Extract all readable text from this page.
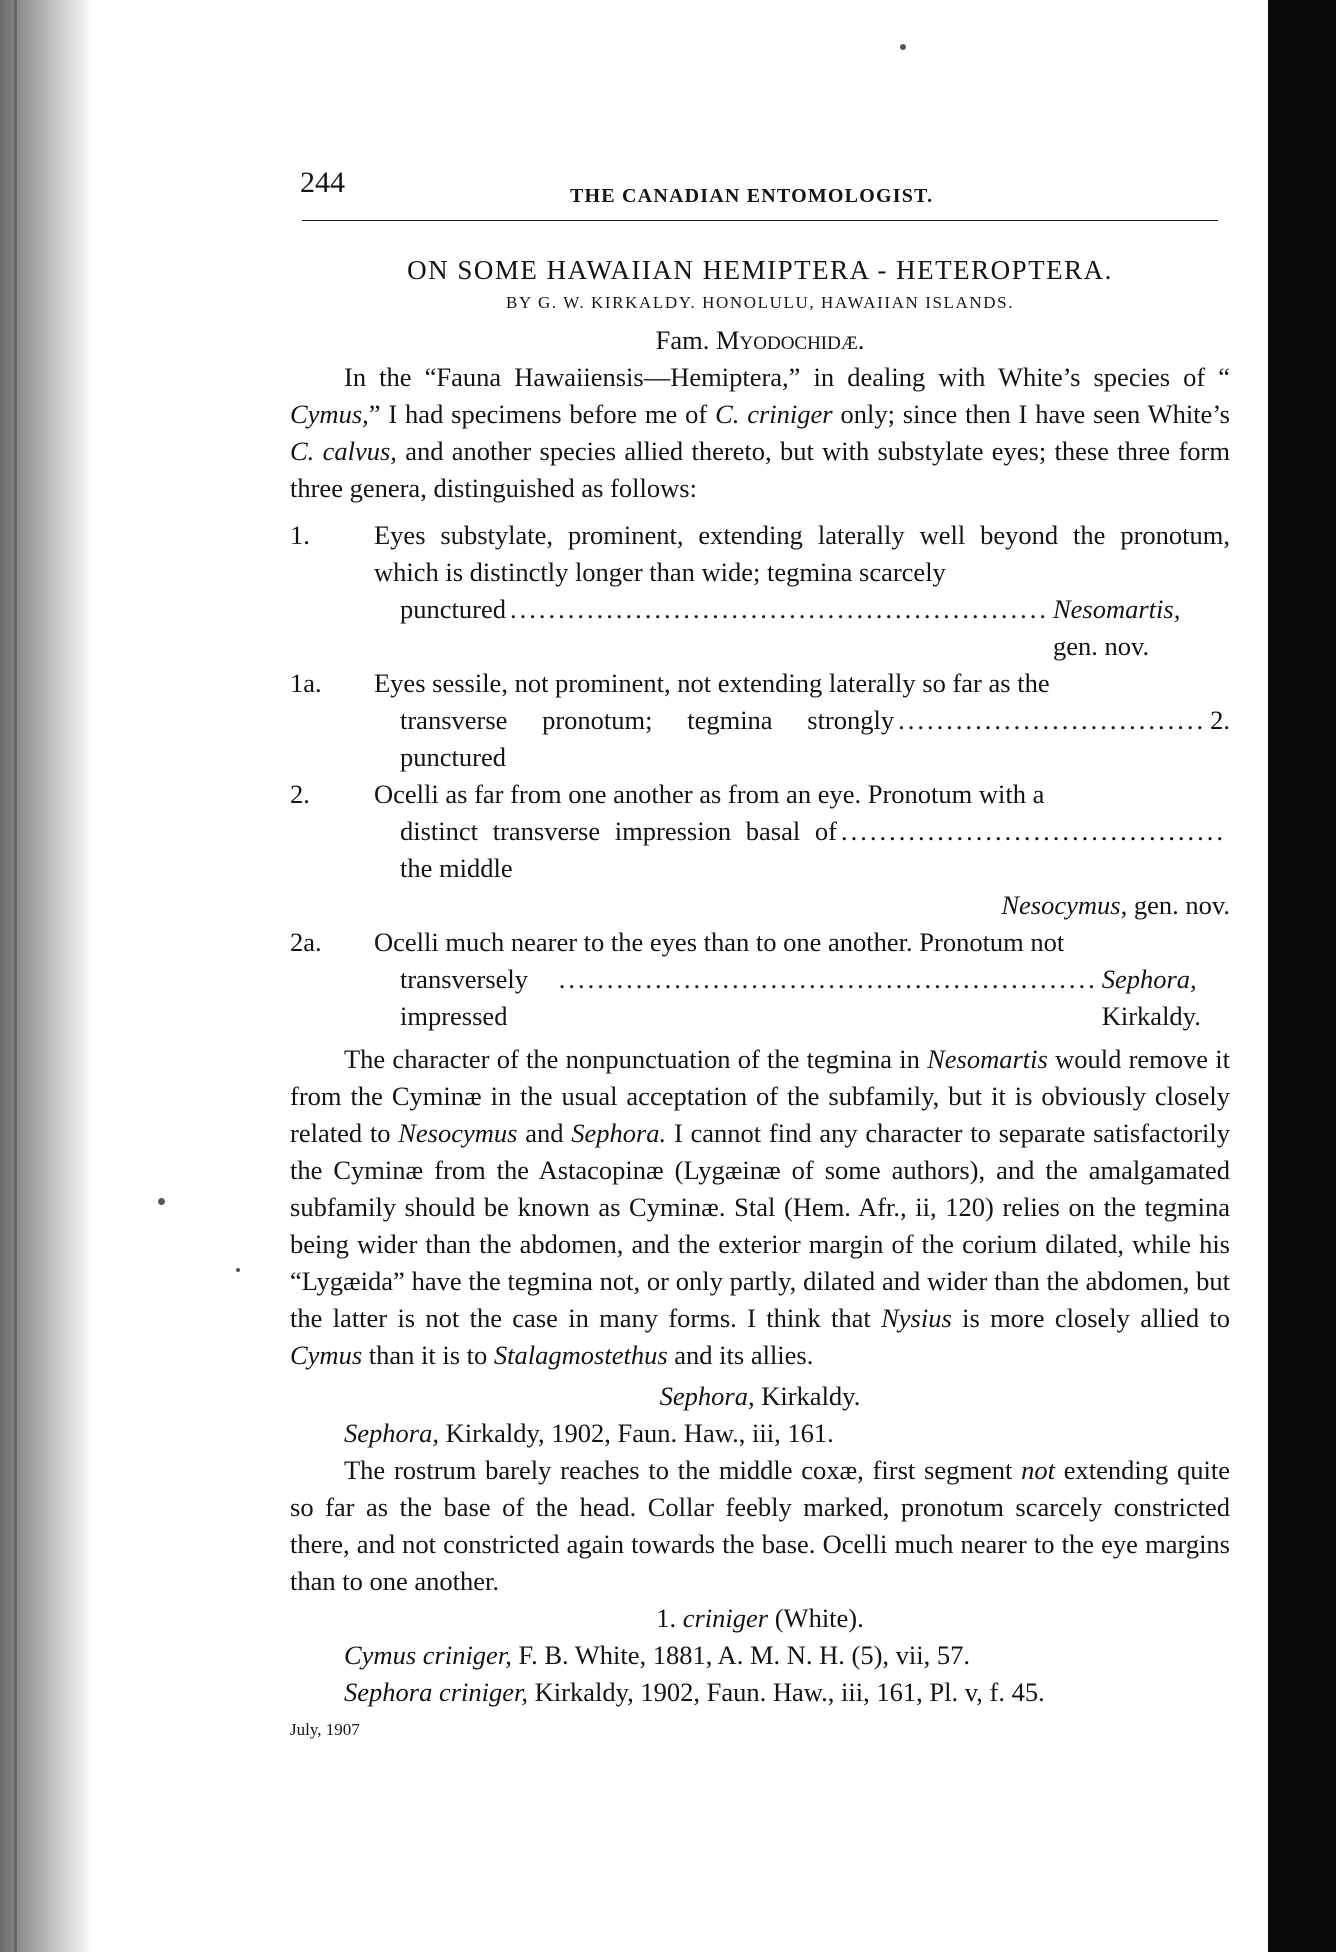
244	THE CANADIAN ENTOMOLOGIST.
ON SOME HAWAIIAN HEMIPTERA - HETEROPTERA.
BY G. W. KIRKALDY. HONOLULU, HAWAIIAN ISLANDS.
Fam. Myodochidæ.

In the “Fauna Hawaiiensis—Hemiptera,” in dealing with White’s species of “ Cymus,” I had specimens before me of C. criniger only; since then I have seen White’s C. calvus, and another species allied thereto, but with substylate eyes; these three form three genera, distinguished as follows:

1. Eyes substylate, prominent, extending laterally well beyond the pronotum, which is distinctly longer than wide; tegmina scarcely
punctured ........................................................ Nesomartis, gen. nov.
1a. Eyes sessile, not prominent, not extending laterally so far as the
transverse pronotum; tegmina strongly punctured
................................ 2.
2. Ocelli as far from one another as from an eye. Pronotum with a
distinct transverse impression basal of the middle
........................................
Nesocymus, gen. nov.
2a. Ocelli much nearer to the eyes than to one another. Pronotum not
transversely impressed
........................................................ Sephora, Kirkaldy.

The character of the nonpunctuation of the tegmina in Nesomartis would remove it from the Cyminæ in the usual acceptation of the subfamily, but it is obviously closely related to Nesocymus and Sephora. I cannot find any character to separate satisfactorily the Cyminæ from the Astacopinæ (Lygæinæ of some authors), and the amalgamated subfamily should be known as Cyminæ. Stal (Hem. Afr., ii, 120) relies on the tegmina being wider than the abdomen, and the exterior margin of the corium dilated, while his “Lygæida” have the tegmina not, or only partly, dilated and wider than the abdomen, but the latter is not the case in many forms. I think that Nysius is more closely allied to Cymus than it is to Stalagmostethus and its allies.

Sephora, Kirkaldy.
Sephora, Kirkaldy, 1902, Faun. Haw., iii, 161.

The rostrum barely reaches to the middle coxæ, first segment not extending quite so far as the base of the head. Collar feebly marked, pronotum scarcely constricted there, and not constricted again towards the base. Ocelli much nearer to the eye margins than to one another.

1. criniger (White).
Cymus criniger, F. B. White, 1881, A. M. N. H. (5), vii, 57.
Sephora criniger, Kirkaldy, 1902, Faun. Haw., iii, 161, Pl. v, f. 45.
July, 1907
